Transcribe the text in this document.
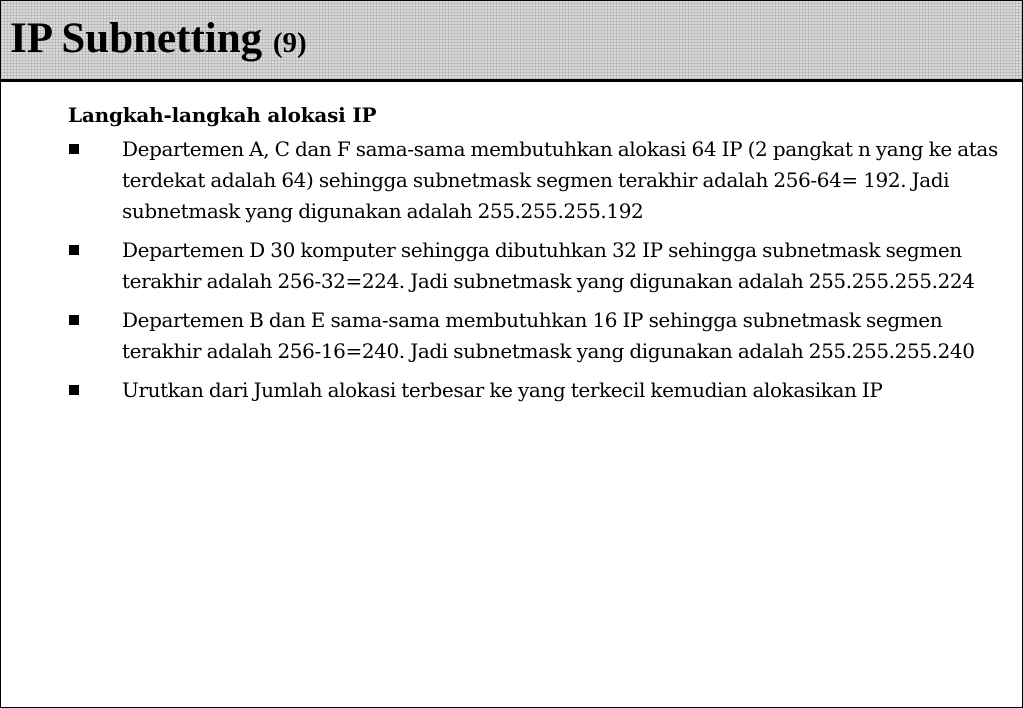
IP Subnetting (9)
Langkah-langkah alokasi IP
Departemen A, C dan F sama-sama membutuhkan alokasi 64 IP (2 pangkat n yang ke atas terdekat adalah 64) sehingga subnetmask segmen terakhir adalah 256-64= 192. Jadi subnetmask yang digunakan adalah 255.255.255.192
Departemen D 30 komputer sehingga dibutuhkan 32 IP sehingga subnetmask segmen terakhir adalah 256-32=224. Jadi subnetmask yang digunakan adalah 255.255.255.224
Departemen B dan E sama-sama membutuhkan 16 IP sehingga subnetmask segmen terakhir adalah 256-16=240. Jadi subnetmask yang digunakan adalah 255.255.255.240
Urutkan dari Jumlah alokasi terbesar ke yang terkecil kemudian alokasikan IP
